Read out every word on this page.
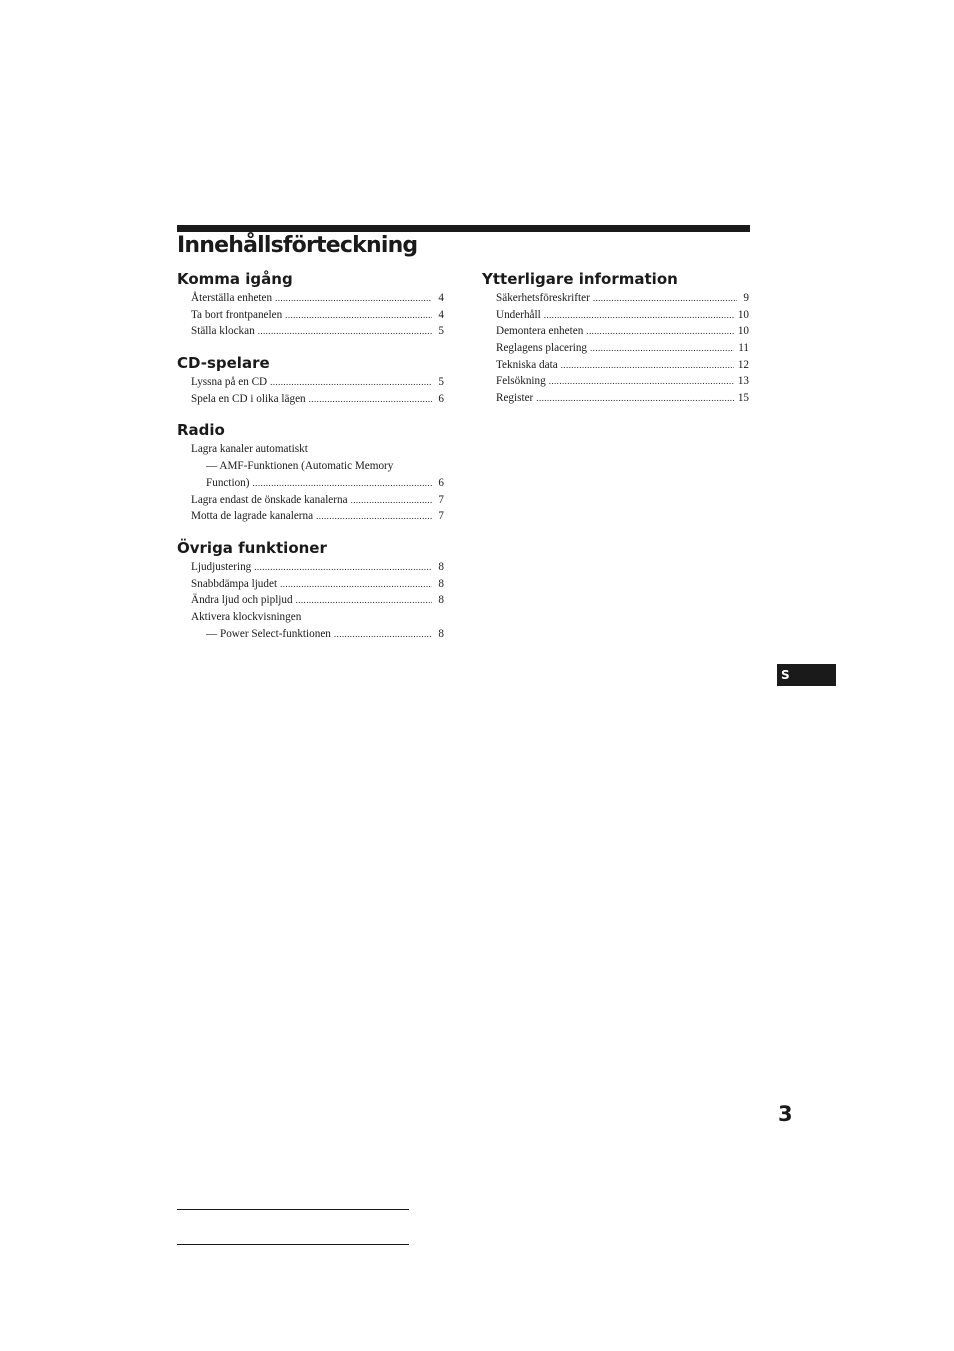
Innehållsförteckning
Komma igång
Återställa enheten .....	4
Ta bort frontpanelen .....	4
Ställa klockan .....	5
CD-spelare
Lyssna på en CD .....	5
Spela en CD i olika lägen .....	6
Radio
Lagra kanaler automatiskt
— AMF-Funktionen (Automatic Memory
Function) .....	6
Lagra endast de önskade kanalerna .....	7
Motta de lagrade kanalerna .....	7
Övriga funktioner
Ljudjustering .....	8
Snabbdämpa ljudet .....	8
Ändra ljud och pipljud .....	8
Aktivera klockvisningen
— Power Select-funktionen .....	8
Ytterligare information
Säkerhetsföreskrifter .....	9
Underhåll .....	10
Demontera enheten .....	10
Reglagens placering .....	11
Tekniska data .....	12
Felsökning .....	13
Register .....	15
S
3
